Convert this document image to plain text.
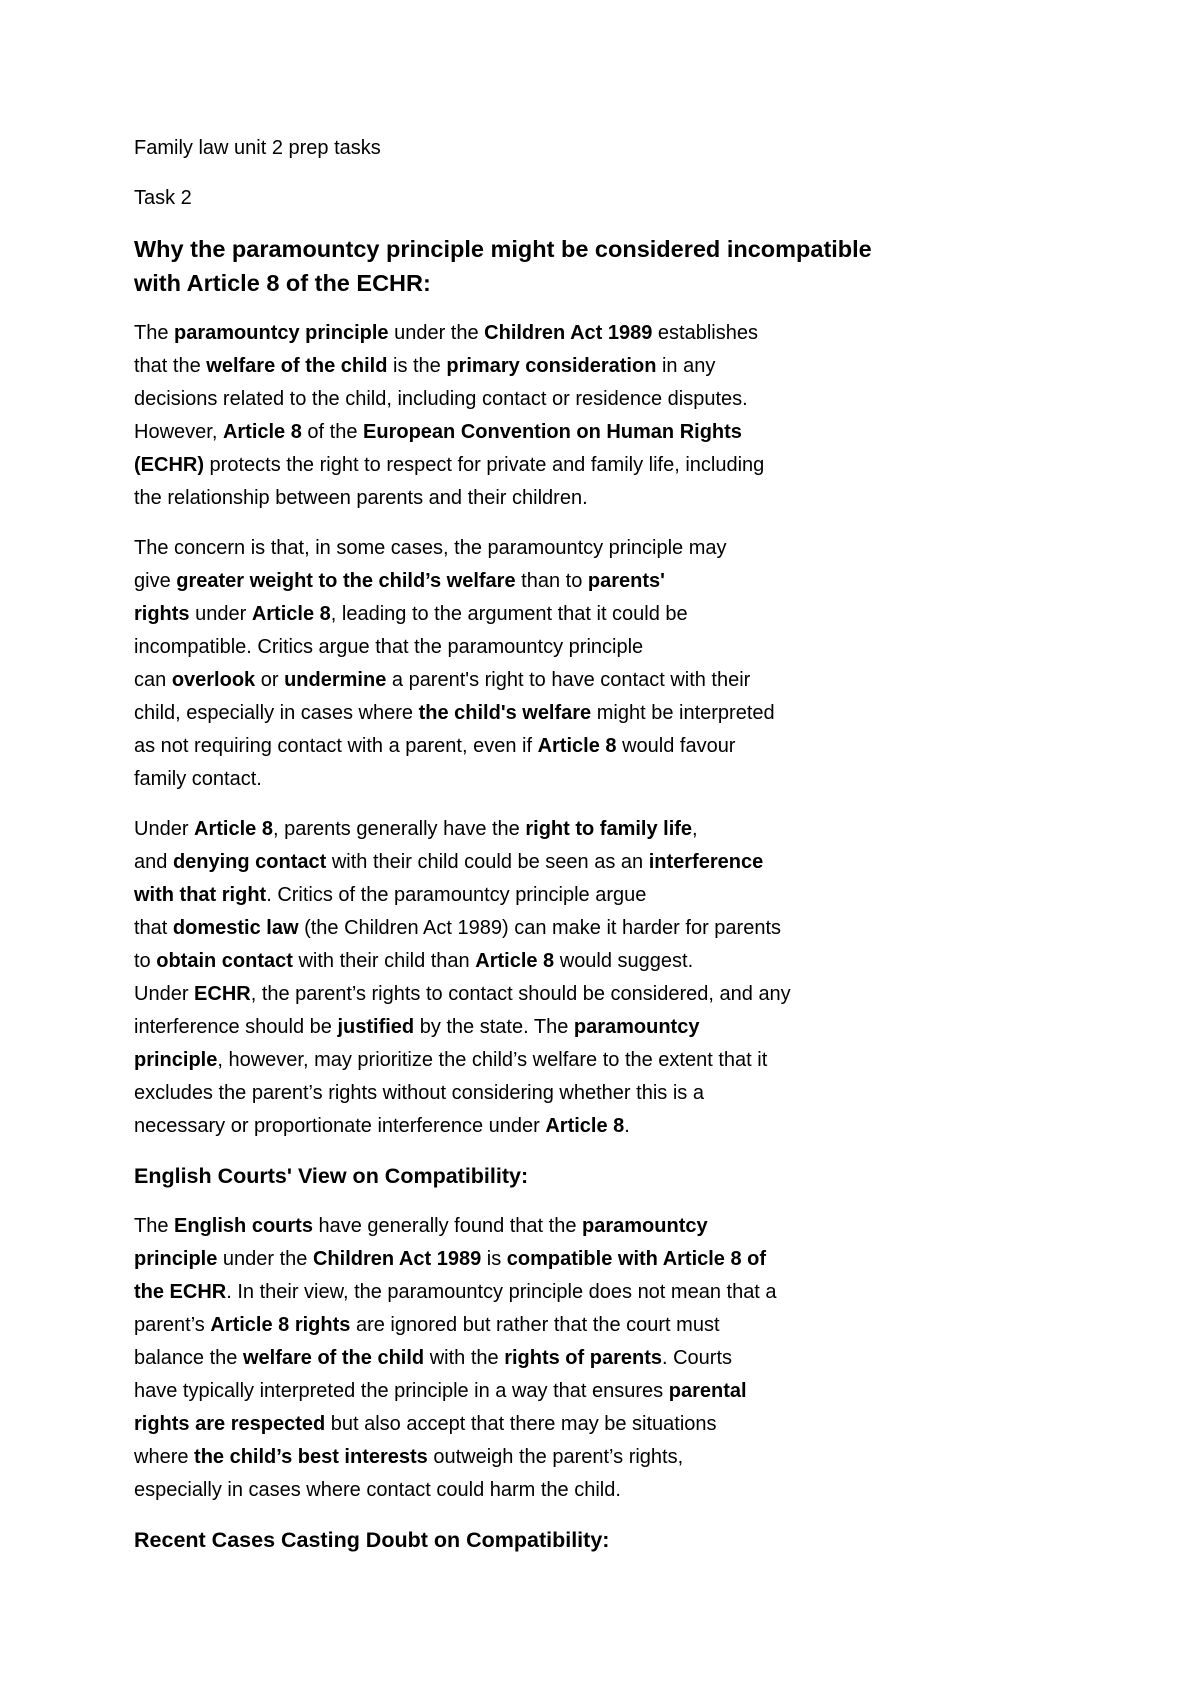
Family law unit 2 prep tasks

Task 2

Why the paramountcy principle might be considered incompatible
with Article 8 of the ECHR:

The paramountcy principle under the Children Act 1989 establishes
that the welfare of the child is the primary consideration in any
decisions related to the child, including contact or residence disputes.
However, Article 8 of the European Convention on Human Rights
(ECHR) protects the right to respect for private and family life, including
the relationship between parents and their children.

The concern is that, in some cases, the paramountcy principle may
give greater weight to the child’s welfare than to parents'
rights under Article 8, leading to the argument that it could be
incompatible. Critics argue that the paramountcy principle
can overlook or undermine a parent's right to have contact with their
child, especially in cases where the child's welfare might be interpreted
as not requiring contact with a parent, even if Article 8 would favour
family contact.

Under Article 8, parents generally have the right to family life,
and denying contact with their child could be seen as an interference
with that right. Critics of the paramountcy principle argue
that domestic law (the Children Act 1989) can make it harder for parents
to obtain contact with their child than Article 8 would suggest.
Under ECHR, the parent’s rights to contact should be considered, and any
interference should be justified by the state. The paramountcy
principle, however, may prioritize the child’s welfare to the extent that it
excludes the parent’s rights without considering whether this is a
necessary or proportionate interference under Article 8.

English Courts' View on Compatibility:

The English courts have generally found that the paramountcy
principle under the Children Act 1989 is compatible with Article 8 of
the ECHR. In their view, the paramountcy principle does not mean that a
parent’s Article 8 rights are ignored but rather that the court must
balance the welfare of the child with the rights of parents. Courts
have typically interpreted the principle in a way that ensures parental
rights are respected but also accept that there may be situations
where the child’s best interests outweigh the parent’s rights,
especially in cases where contact could harm the child.

Recent Cases Casting Doubt on Compatibility:
